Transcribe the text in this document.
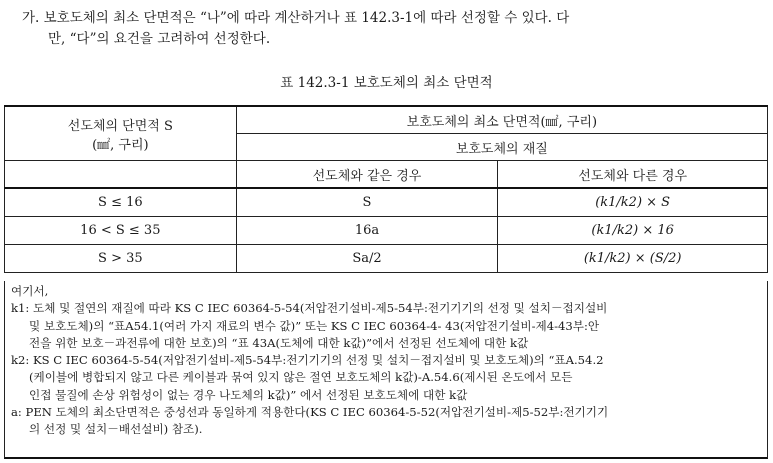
가. 보호도체의 최소 단면적은 “나”에 따라 계산하거나 표 142.3-1에 따라 선정할 수 있다. 다
만, “다”의 요건을 고려하여 선정한다.
표 142.3-1 보호도체의 최소 단면적
선도체의 단면적 S
(㎟, 구리)	보호도체의 최소 단면적(㎟, 구리)	
	보호도체의 재질	
	선도체와 같은 경우	선도체와 다른 경우
S ≤ 16	S	(k1/k2) × S
16 < S ≤ 35	16a	(k1/k2) × 16
S > 35	Sa/2	(k1/k2) × (S/2)
여기서,
k1: 도체 및 절연의 재질에 따라 KS C IEC 60364-5-54(저압전기설비-제5-54부:전기기기의 선정 및 설치－접지설비
및 보호도체)의 “표A54.1(여러 가지 재료의 변수 값)” 또는 KS C IEC 60364-4- 43(저압전기설비-제4-43부:안
전을 위한 보호－과전류에 대한 보호)의 “표 43A(도체에 대한 k값)”에서 선정된 선도체에 대한 k값
k2: KS C IEC 60364-5-54(저압전기설비-제5-54부:전기기기의 선정 및 설치－접지설비 및 보호도체)의 “표A.54.2
(케이블에 병합되지 않고 다른 케이블과 묶여 있지 않은 절연 보호도체의 k값)-A.54.6(제시된 온도에서 모든
인접 물질에 손상 위험성이 없는 경우 나도체의 k값)” 에서 선정된 보호도체에 대한 k값
a: PEN 도체의 최소단면적은 중성선과 동일하게 적용한다(KS C IEC 60364-5-52(저압전기설비-제5-52부:전기기기
의 선정 및 설치－배선설비) 참조).
